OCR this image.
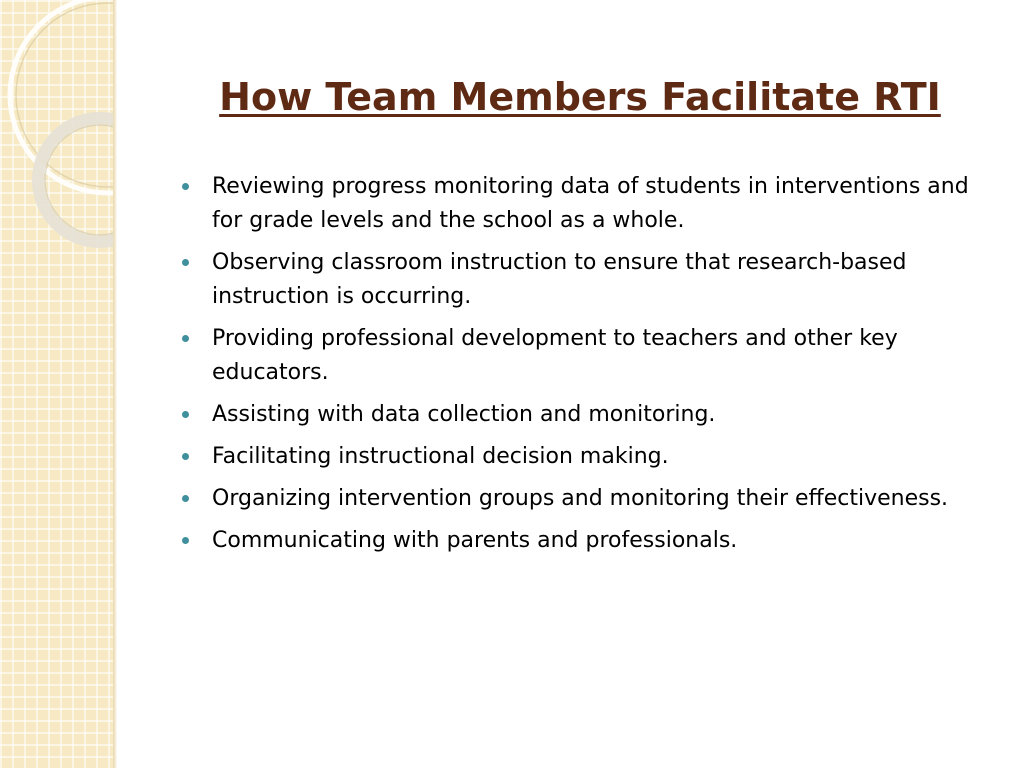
How Team Members Facilitate RTI
Reviewing progress monitoring data of students in interventions and for grade levels and the school as a whole.
Observing classroom instruction to ensure that research-based instruction is occurring.
Providing professional development to teachers and other key educators.
Assisting with data collection and monitoring.
Facilitating instructional decision making.
Organizing intervention groups and monitoring their effectiveness.
Communicating with parents and professionals.
